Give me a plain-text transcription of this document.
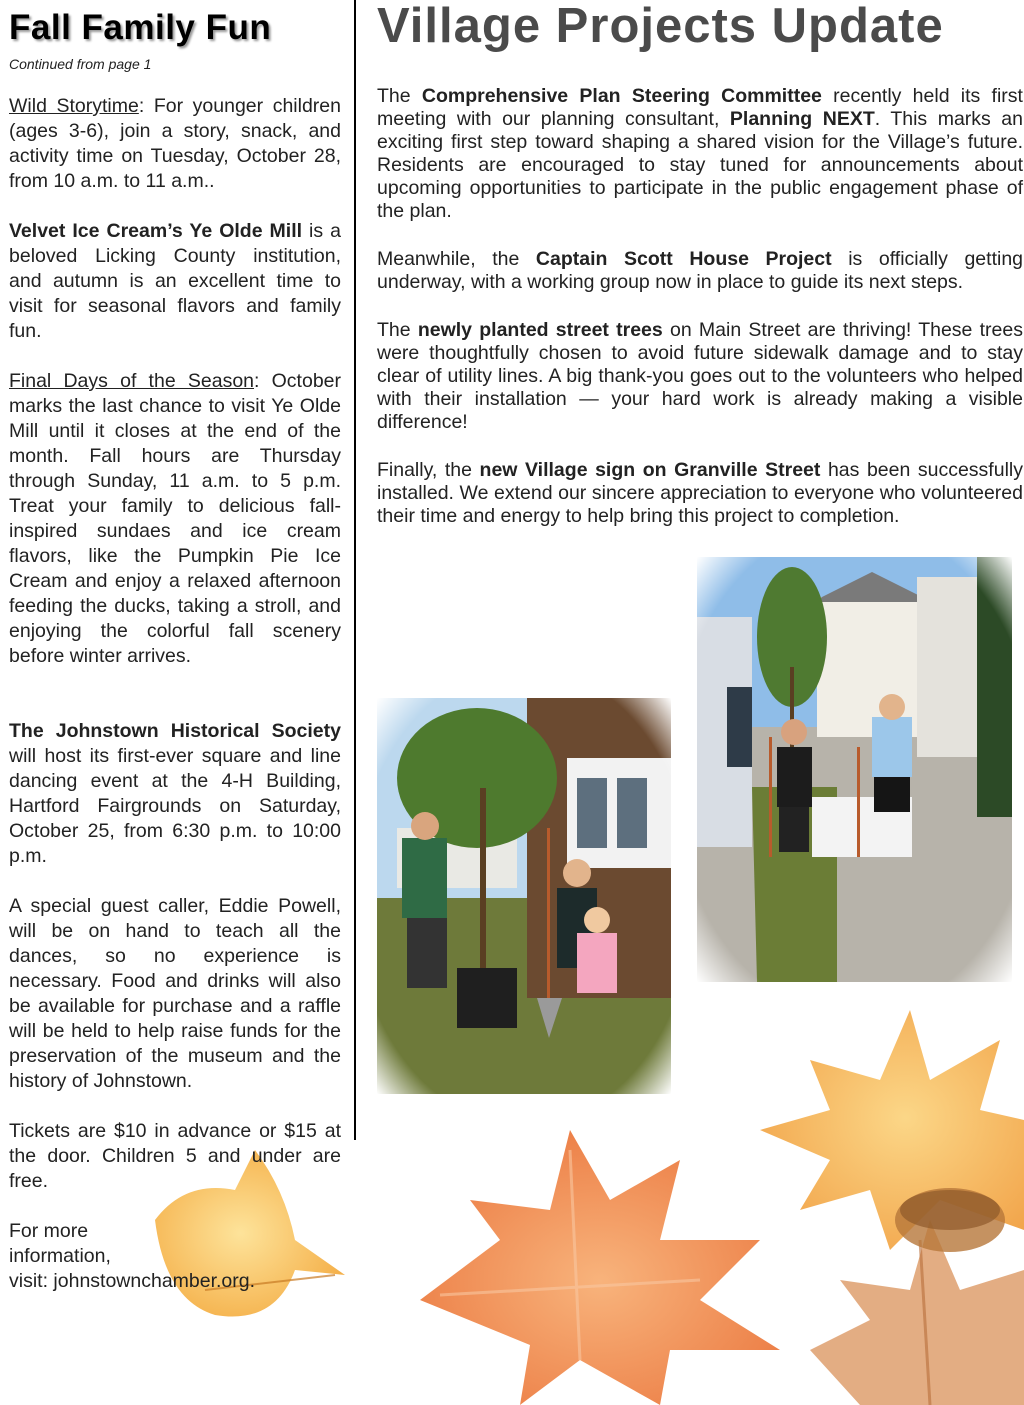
Fall Family Fun
Continued from page 1

Wild Storytime: For younger children (ages 3-6), join a story, snack, and activity time on Tuesday, October 28, from 10 a.m. to 11 a.m..

Velvet Ice Cream’s Ye Olde Mill is a beloved Licking County institution, and autumn is an excellent time to visit for seasonal flavors and family fun.

Final Days of the Season: October marks the last chance to visit Ye Olde Mill until it closes at the end of the month. Fall hours are Thursday through Sunday, 11 a.m. to 5 p.m. Treat your family to delicious fall-inspired sundaes and ice cream flavors, like the Pumpkin Pie Ice Cream and enjoy a relaxed afternoon feeding the ducks, taking a stroll, and enjoying the colorful fall scenery before winter arrives.

The Johnstown Historical Society will host its first-ever square and line dancing event at the 4-H Building, Hartford Fairgrounds on Saturday, October 25, from 6:30 p.m. to 10:00 p.m.

A special guest caller, Eddie Powell, will be on hand to teach all the dances, so no experience is necessary. Food and drinks will also be available for purchase and a raffle will be held to help raise funds for the preservation of the museum and the history of Johnstown.

Tickets are $10 in advance or $15 at the door. Children 5 and under are free.

For more
information,
visit: johnstownchamber.org.

Village Projects Update

The Comprehensive Plan Steering Committee recently held its first meeting with our planning consultant, Planning NEXT. This marks an exciting first step toward shaping a shared vision for the Village’s future. Residents are encouraged to stay tuned for announcements about upcoming opportunities to participate in the public engagement phase of the plan.

Meanwhile, the Captain Scott House Project is officially getting underway, with a working group now in place to guide its next steps.

The newly planted street trees on Main Street are thriving! These trees were thoughtfully chosen to avoid future sidewalk damage and to stay clear of utility lines. A big thank-you goes out to the volunteers who helped with their installation — your hard work is already making a visible difference!

Finally, the new Village sign on Granville Street has been successfully installed. We extend our sincere appreciation to everyone who volunteered their time and energy to help bring this project to completion.
